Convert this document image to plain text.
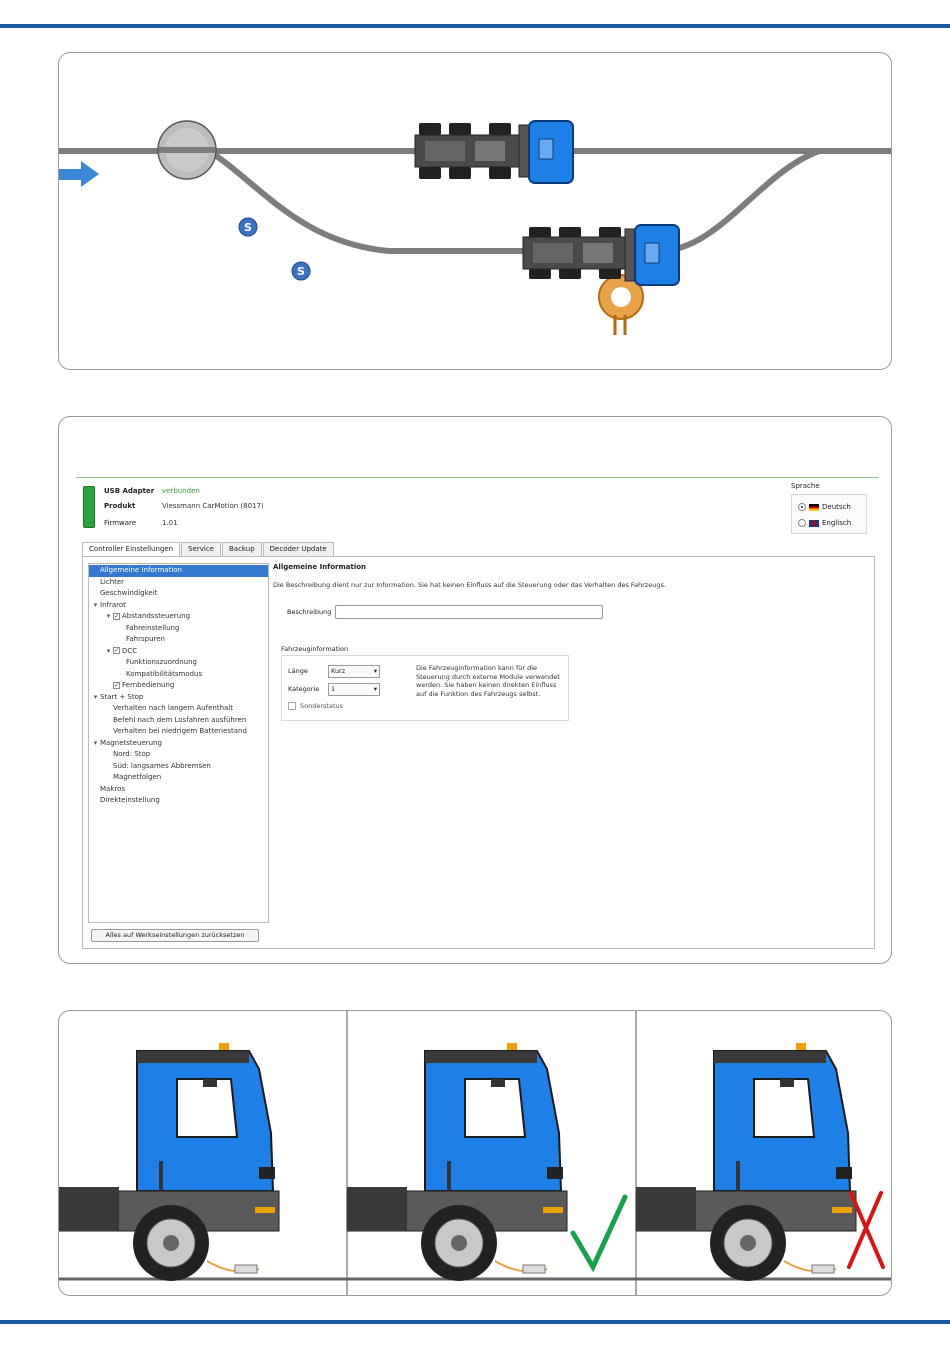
S
S
USB Adapter verbunden
Produkt	Viessmann CarMotion (8017)
Firmware	1.01
Sprache
Deutsch
Englisch
Controller Einstellungen	Service	Backup	Decoder Update
Allgemeine Information
Lichter
Geschwindigkeit
▾ Infrarot
▾ ✓ Abstandssteuerung
Fahreinstellung
Fahrspuren
▾ ✓ DCC
Funktionszuordnung
Kompatibilitätsmodus
✓ Fernbedienung
▾ Start + Stop
Verhalten nach langem Aufenthalt
Befehl nach dem Losfahren ausführen
Verhalten bei niedrigem Batteriestand
▾ Magnetsteuerung
Nord: Stop
Süd: langsames Abbremsen
Magnetfolgen
Makros
Direkteinstellung
Alles auf Werkseinstellungen zurücksetzen
Allgemeine Information
Die Beschreibung dient nur zur Information. Sie hat keinen Einfluss auf die Steuerung oder das Verhalten des Fahrzeugs.
Beschreibung
Fahrzeuginformation
Länge	Kurz	▾
Kategorie	1	▾
Sonderstatus
Die Fahrzeuginformation kann für die Steuerung durch externe Module verwendet werden. Sie haben keinen direkten Einfluss auf die Funktion des Fahrzeugs selbst.
